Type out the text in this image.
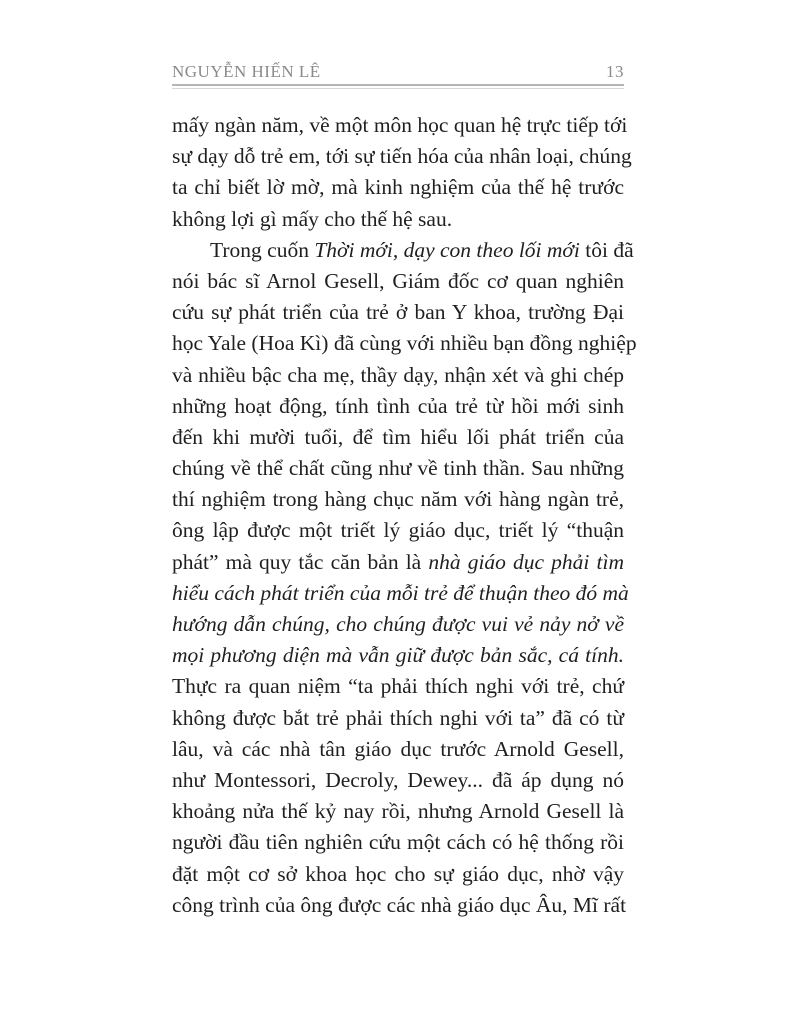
NGUYỄN HIẾN LÊ	13
mấy ngàn năm, về một môn học quan hệ trực tiếp tới
sự dạy dỗ trẻ em, tới sự tiến hóa của nhân loại, chúng
ta chỉ biết lờ mờ, mà kinh nghiệm của thế hệ trước
không lợi gì mấy cho thế hệ sau.
Trong cuốn Thời mới, dạy con theo lối mới tôi đã
nói bác sĩ Arnol Gesell, Giám đốc cơ quan nghiên
cứu sự phát triển của trẻ ở ban Y khoa, trường Đại
học Yale (Hoa Kì) đã cùng với nhiều bạn đồng nghiệp
và nhiều bậc cha mẹ, thầy dạy, nhận xét và ghi chép
những hoạt động, tính tình của trẻ từ hồi mới sinh
đến khi mười tuổi, để tìm hiểu lối phát triển của
chúng về thể chất cũng như về tinh thần. Sau những
thí nghiệm trong hàng chục năm với hàng ngàn trẻ,
ông lập được một triết lý giáo dục, triết lý “thuận
phát” mà quy tắc căn bản là nhà giáo dục phải tìm
hiểu cách phát triển của mỗi trẻ để thuận theo đó mà
hướng dẫn chúng, cho chúng được vui vẻ nảy nở về
mọi phương diện mà vẫn giữ được bản sắc, cá tính.
Thực ra quan niệm “ta phải thích nghi với trẻ, chứ
không được bắt trẻ phải thích nghi với ta” đã có từ
lâu, và các nhà tân giáo dục trước Arnold Gesell,
như Montessori, Decroly, Dewey... đã áp dụng nó
khoảng nửa thế kỷ nay rồi, nhưng Arnold Gesell là
người đầu tiên nghiên cứu một cách có hệ thống rồi
đặt một cơ sở khoa học cho sự giáo dục, nhờ vậy
công trình của ông được các nhà giáo dục Âu, Mĩ rất
